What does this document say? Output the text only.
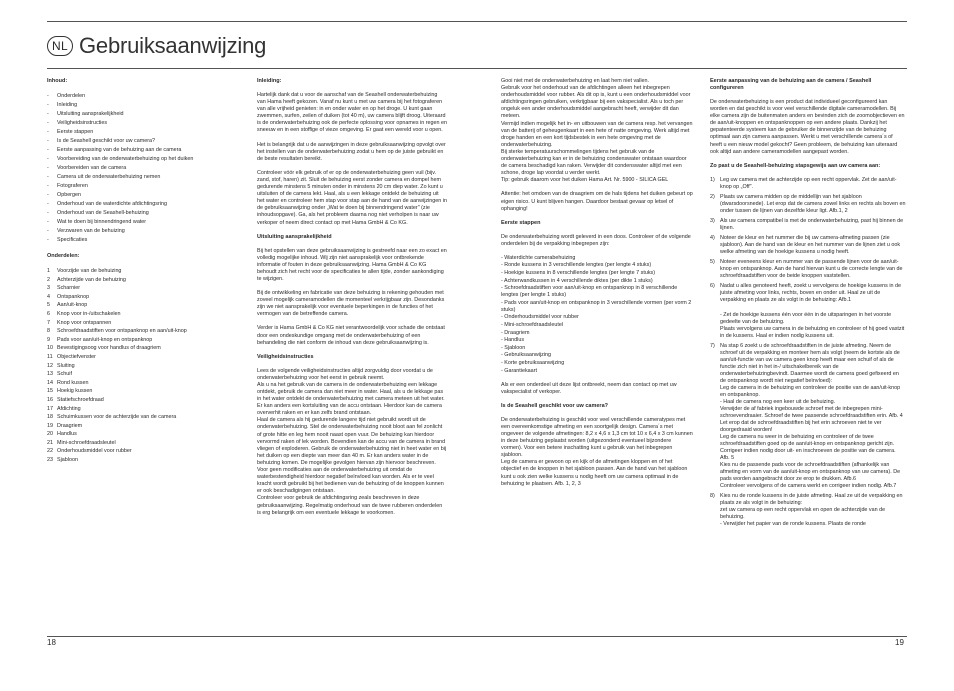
NL Gebruiksaanwijzing
Inhoud:
- Onderdelen
- Inleiding
- Uitsluiting aansprakelijkheid
- Veiligheidsinstructies
- Eerste stappen
- Is de Seashell geschikt voor uw camera?
- Eerste aanpassing van de behuizing aan de camera
- Voorbereiding van de onderwaterbehuizing op het duiken
- Voorbereiden van de camera
- Camera uit de onderwaterbehuizing nemen
- Fotograferen
- Opbergen
- Onderhoud van de waterdichte afdichtingsring
- Onderhoud van de Seashell-behuizing
- Wat te doen bij binnendringend water
- Verzwaren van de behuizing
- Specificaties
Onderdelen:
1	Voorzijde van de behuizing
2	Achterzijde van de behuizing
3	Scharnier
4	Ontspanknop
5	Aan/uit-knop
6	Knop voor in-/uitschakelen
7	Knop voor ontspannen
8	Schroefdraadstiften voor ontspanknop en aan/uit-knop
9	Pads voor aan/uit-knop en ontspanknop
10 Bevestigingsoog voor handlus of draagriem
11 Objectiefvenster
12 Sluiting
13 Schuif
14 Rond kussen
15 Hoekig kussen
16 Statiefschroefdraad
17 Afdichting
18 Schuimkussen voor de achterzijde van de camera
19 Draagriem
20 Handlus
21 Mini-schroefdraadsleutel
22 Onderhoudsmiddel voor rubber
23 Sjabloon
Inleiding:

Hartelijk dank dat u voor de aanschaf van de Seashell onderwaterbehuizing van Hama heeft gekozen. Vanaf nu kunt u met uw camera bij het fotograferen van alle vrijheid genieten: in en onder water en op het droge. U kunt gaan zwemmen, surfen, zeilen of duiken (tot 40 m), uw camera blijft droog. Uiteraard is de onderwaterbehuizing ook de perfecte oplossing voor opnames in regen en sneeuw en in een stoffige of vieze omgeving. Er gaat een wereld voor u open.

Het is belangrijk dat u de aanwijzingen in deze gebruiksaanwijzing opvolgt over het instellen van de onderwaterbehuizing zodat u hem op de juiste gebruikt en de beste resultaten bereikt.

Controleer vóór elk gebruik of er op de onderwaterbehuizing geen vuil (bijv. zand, stof, haren) zit. Sluit de behuizing eerst zonder camera en dompel hem gedurende minstens 5 minuten onder in minstens 20 cm diep water. Zo kunt u uitsluiten of de camera lekt. Haal, als u een lekkage ontdekt de behuizing uit het water en controleer hem stap voor stap aan de hand van de aanwijzingen in de gebruiksaanwijzing onder „Wat te doen bij binnendringend water" (zie inhoudsopgave). Ga, als het probleem daarna nog niet verholpen is naar uw verkoper of neem direct contact op met Hama GmbH & Co KG.

Uitsluiting aansprakelijkheid

Bij het opstellen van deze gebruiksaanwijzing is gestreefd naar een zo exact en volledig mogelijke inhoud. Wij zijn niet aansprakelijk voor ontbrekende informatie of fouten in deze gebruiksaanwijzing. Hama GmbH & Co KG behoudt zich het recht voor de specificaties te allen tijde, zonder aankondiging te wijzigen.

Bij de ontwikkeling en fabricatie van deze behuizing is rekening gehouden met zoveel mogelijk cameramodellen die momenteel verkrijgbaar zijn. Desondanks zijn we niet aansprakelijk voor eventuele beperkingen in de functies of het vermogen van de betreffende camera.

Verder is Hama GmbH & Co KG niet verantwoordelijk voor schade die ontstaat door een ondeskundige omgang met de onderwaterbehuizing of een behandeling die niet conform de inhoud van deze gebruiksaanwijzing is.

Veiligheidsinstructies

Lees de volgende veiligheidsinstructies altijd zorgvuldig door voordat u de onderwaterbehuizing voor het eerst in gebruik neemt.
Als u na het gebruik van de camera in de onderwaterbehuizing een lekkage ontdekt, gebruik de camera dan niet meer in water. Haal, als u de lekkage pas in het water ontdekt de onderwaterbehuizing met camera meteen uit het water. Er kan anders een kortsluiting van de accu ontstaan. Hierdoor kan de camera oververhit raken en er kan zelfs brand ontstaan.
Haal de camera als hij gedurende langere tijd niet gebruikt wordt uit de onderwaterbehuizing. Stel de onderwaterbehuizing nooit bloot aan fel zonlicht of grote hitte en leg hem nooit naast open vuur. De behuizing kan hierdoor vervormd raken of lek worden. Bovendien kan de accu van de camera in brand vliegen of exploderen. Gebruik de onderwaterbehuizing niet in heet water en bij het duiken op een diepte van meer dan 40 m. Er kan anders water in de behuizing komen. De mogelijke gevolgen hiervan zijn hiervoor beschreven.
Voor geen modificaties aan de onderwaterbehuizing uit omdat de waterbestendigheid hierdoor negatief beïnvloed kan worden. Als er te veel kracht wordt gebruikt bij het bedienen van de behuizing of de knoppen kunnen er ook beschadigingen ontstaan.
Controleer voor gebruik de afdichtingsring zeals beschreven in deze gebruiksaanwijzing. Regelmatig onderhoud van de twee rubberen onderdelen is erg belangrijk om een eventuele lekkage te voorkomen.

18

Gooi niet met de onderwaterbehuizing en laat hem niet vallen.
Gebruik voor het onderhoud van de afdichtingen alleen het inbegrepen onderhoudsmiddel voor rubber. Als dit op is, kunt u een onderhoudsmiddel voor afdichtingsringen gebruiken, verkrijgbaar bij een vakspecialist. Als u toch per ongeluk een ander onderhoudsmiddel aangebracht heeft, verwijder dit dan meteen.
Vermijd indien mogelijk het in- en uitbouwen van de camera resp. het vervangen van de batterij of geheugenkaart in een hete of natte omgeving. Werk altijd met droge handen en een kort tijdsbestek in een hete omgeving met de onderwaterbehuizing.
Bij sterke temperatuurschommelingen tijdens het gebruik van de onderwaterbehuizing kan er in de behuizing condenswater ontstaan waardoor de camera beschadigd kan raken. Verwijder dit condenswater altijd met een schone, droge lap voordat u verder werkt.
Tip: gebruik daarom voor het duiken Hama Art. Nr. 5900 - SILICA GEL

Attentie: het omdoen van de draagriem om de hals tijdens het duiken gebeurt op eigen risico. U kunt blijven hangen. Daardoor bestaat gevaar op letsel of ophanging!

Eerste stappen

De onderwaterbehuizing wordt geleverd in een doos. Controleer of de volgende onderdelen bij de verpakking inbegrepen zijn:

- Waterdichte camerabehuizing
- Ronde kussens in 3 verschillende lengtes (per lengte 4 stuks)
- Hoekige kussens in 8 verschillende lengtes (per lengte 7 stuks)
- Achterwandkussen in 4 verschillende diktes (per dikte 1 stuks)
- Schroefdraadstiften voor aan/uit-knop en ontspanknop in 8 verschillende lengtes (per lengte 1 stuks)
- Pads voor aan/uit-knop en ontspanknop in 3 verschillende vormen (per vorm 2 stuks)
- Onderhoudsmiddel voor rubber
- Mini-schroefdraadsleutel
- Draagriem
- Handlus
- Sjabloon
- Gebruiksaanwijzing
- Korte gebruiksaanwijzing
- Garantiekaart

Als er een onderdeel uit deze lijst ontbreekt, neem dan contact op met uw vakspecialist of verkoper.

Is de Seashell geschikt voor uw camera?

De onderwaterbehuizing is geschikt voor veel verschillende cameratypes met een overeenkomstige afmeting en een soortgelijk design. Camera´s met ongeveer de volgende afmetingen: 8,2 x 4,6 x 1,3 cm tot 10 x 6,4 x 3 cm kunnen in deze behuizing geplaatst worden (uitgezonderd eventueel bijzondere vormen). Voor een betere inschatting kunt u gebruik van het inbegrepen sjabloon.
Leg de camera er gewoon op en kijk of de afmetingen kloppen en of het objectief en de knoppen in het sjabloon passen. Aan de hand van het sjabloon kunt u ook zien welke kussens u nodig heeft om uw camera optimaal in de behuizing te plaatsen. Afb. 1, 2, 3

Eerste aanpassing van de behuizing aan de camera / Seashell configureren

De onderwaterbehuizing is een product dat individueel geconfigureerd kan worden en dat geschikt is voor veel verschillende digitale cameramodellen. Bij elke camera zijn de buitenmaten anders en bevinden zich de zoomobjectieven en de aan/uit-knoppen en ontspanknoppen op een andere plaats. Dankzij het gepatenteerde systeem kan de gebruiker de binnenzijde van de behuizing optimaal aan zijn camera aanpassen. Werkt u met verschillende camera´s of heeft u een nieuw model gekocht? Geen probleem, de behuizing kan uiteraard ook altijd aan andere cameramodellen aangepast worden.

Zo past u de Seashell-behuizing stapsgewijs aan uw camera aan:
1) Leg uw camera met de achterzijde op een recht oppervlak. Zet de aan/uit-knop op „Off".
2) Plaats uw camera midden op de middellijn van het sjabloon (dwarsdoorsnede). Let erop dat de camera zowel links en rechts als boven en onder tussen de lijnen van dezelfde kleur ligt. Afb.1, 2
3) Als uw camera compatibel is met de onderwaterbehuizing, past hij binnen de lijnen.
4) Noteer de kleur en het nummer die bij uw camera-afmeting passen (zie sjabloon). Aan de hand van de kleur en het nummer van de lijnen ziet u ook welke afmeting van de hoekige kussens u nodig heeft.
5) Noteer eveneens kleur en nummer van de passende lijnen voor de aan/uit-knop en ontspanknop. Aan de hand hiervan kunt u de correcte lengte van de schroefdraadstiften voor de beide knoppen vaststellen.
6) Nadat u alles genoteerd heeft, zoekt u vervolgens de hoekige kussens in de juiste afmeting voor links, rechts, boven en onder uit. Haal ze uit de verpakking en plaats ze als volgt in de behuizing: Afb.1
- Zet de hoekige kussens één voor één in de uitsparingen in het voorste gedeelte van de behuizing.
Plaats vervolgens uw camera in de behuizing en controleer of hij goed vastzit in de kussens. Haal er indien nodig kussens uit.
7) Na stap 6 zoekt u de schroefdraadstiften in de juiste afmeting. Neem de schroef uit de verpakking en monteer hem als volgt (neem de kortste als de aan/uit-functie van uw camera geen knop heeft maar een schuif of als de functie zich niet in het in-/ uitschakelbereik van de onderwaterbehuizingbevindt. Daarmee wordt de camera goed gefixeerd en de ontspanknop wordt niet negatief beïnvloed):
Leg de camera in de behuizing en controleer de positie van de aan/uit-knop en ontspanknop.
- Haal de camera nog een keer uit de behuizing.
Verwijder de af fabriek ingebouwde schroef met de inbegrepen mini-schroevendraaier. Schroef de twee passende schroefdraadstiften erin. Afb. 4
Let erop dat de schroefdraadstiften bij het erin schroeven niet te ver doorgedraaid worden!
Leg de camera nu weer in de behuizing en controleer of de twee schroefdraadstiften goed op de aan/uit-knop en ontspanknop gericht zijn. Corrigeer indien nodig door uit- en inschroeven de positie van de camera. Afb. 5
Kies nu de passende pads voor de schroefdraadstiften (afhankelijk van afmeting en vorm van de aan/uit-knop en ontspanknop van uw camera). De pads worden aangebracht door ze erop te drukken. Afb.6
Controleer vervolgens of de camera werkt en corrigeer indien nodig. Afb.7
8) Kies nu de ronde kussens in de juiste afmeting. Haal ze uit de verpakking en plaats ze als volgt in de behuizing:
zet uw camera op een recht oppervlak en open de achterzijde van de behuizing.
- Verwijder het papier van de ronde kussens. Plaats de ronde
19
